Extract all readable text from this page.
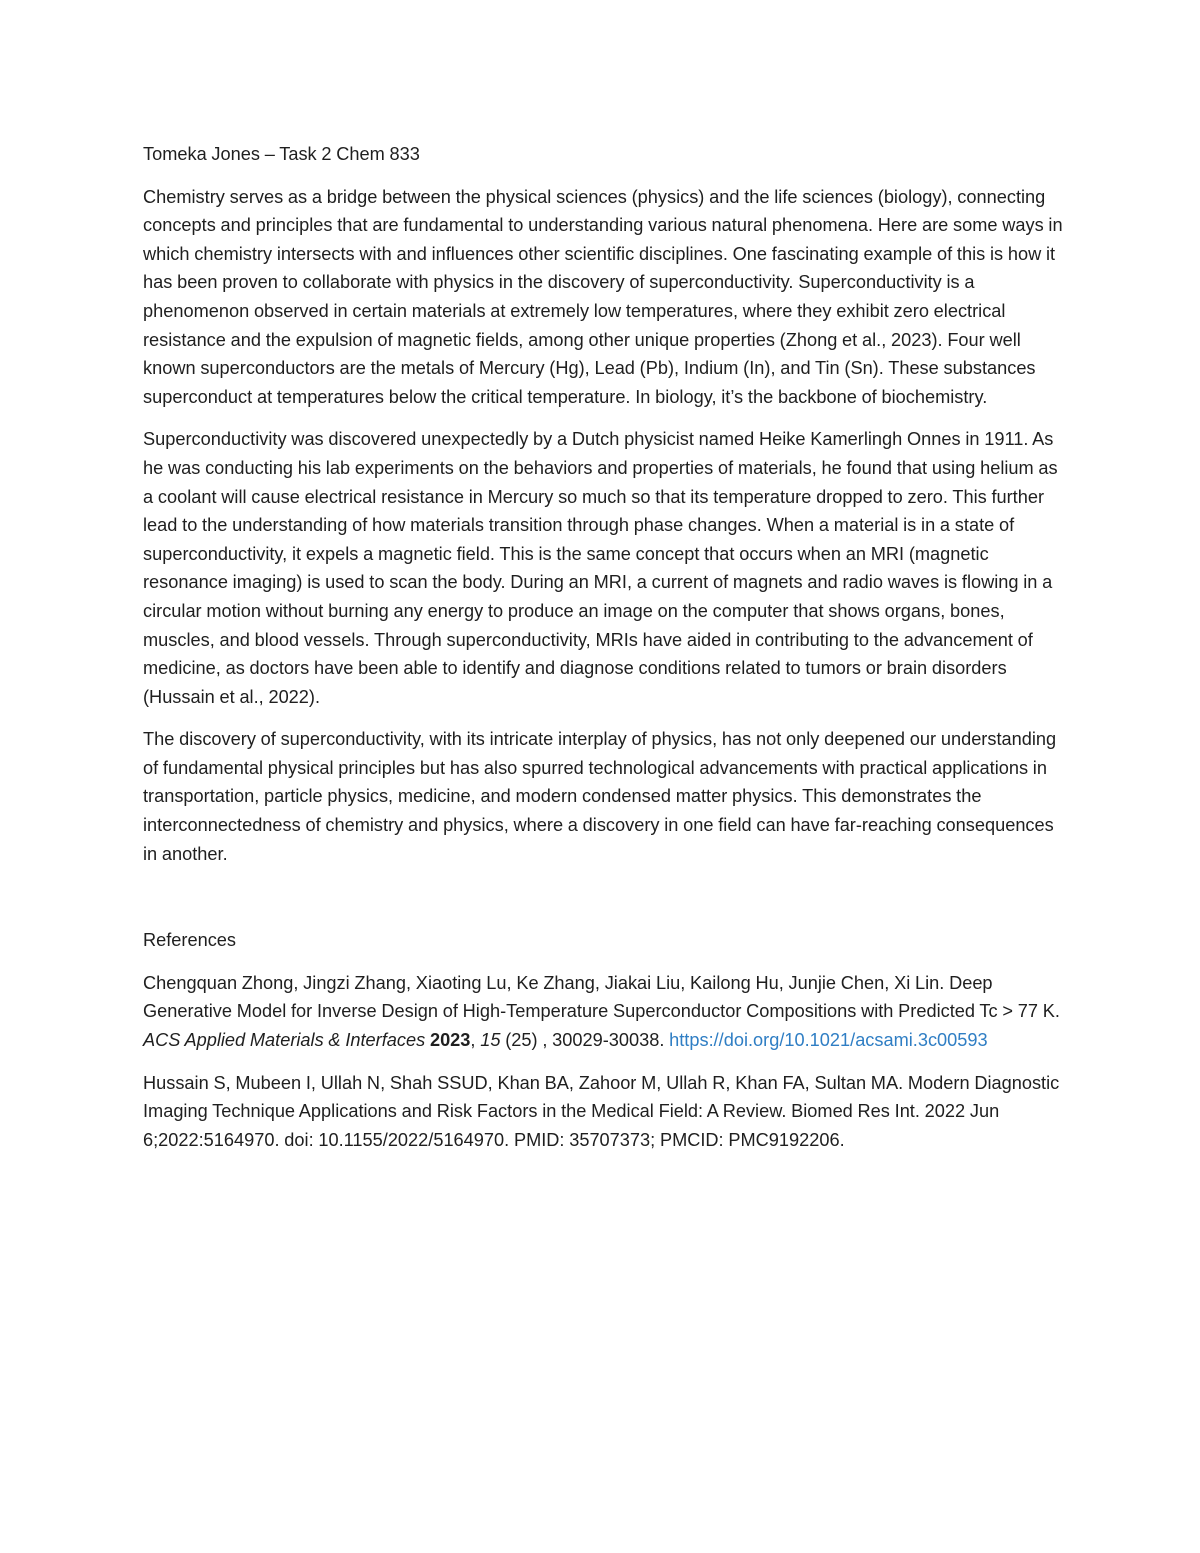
Tomeka Jones – Task 2 Chem 833

Chemistry serves as a bridge between the physical sciences (physics) and the life sciences (biology), connecting concepts and principles that are fundamental to understanding various natural phenomena. Here are some ways in which chemistry intersects with and influences other scientific disciplines. One fascinating example of this is how it has been proven to collaborate with physics in the discovery of superconductivity. Superconductivity is a phenomenon observed in certain materials at extremely low temperatures, where they exhibit zero electrical resistance and the expulsion of magnetic fields, among other unique properties (Zhong et al., 2023). Four well known superconductors are the metals of Mercury (Hg), Lead (Pb), Indium (In), and Tin (Sn). These substances superconduct at temperatures below the critical temperature. In biology, it’s the backbone of biochemistry.

Superconductivity was discovered unexpectedly by a Dutch physicist named Heike Kamerlingh Onnes in 1911. As he was conducting his lab experiments on the behaviors and properties of materials, he found that using helium as a coolant will cause electrical resistance in Mercury so much so that its temperature dropped to zero. This further lead to the understanding of how materials transition through phase changes. When a material is in a state of superconductivity, it expels a magnetic field. This is the same concept that occurs when an MRI (magnetic resonance imaging) is used to scan the body. During an MRI, a current of magnets and radio waves is flowing in a circular motion without burning any energy to produce an image on the computer that shows organs, bones, muscles, and blood vessels. Through superconductivity, MRIs have aided in contributing to the advancement of medicine, as doctors have been able to identify and diagnose conditions related to tumors or brain disorders (Hussain et al., 2022).

The discovery of superconductivity, with its intricate interplay of physics, has not only deepened our understanding of fundamental physical principles but has also spurred technological advancements with practical applications in transportation, particle physics, medicine, and modern condensed matter physics. This demonstrates the interconnectedness of chemistry and physics, where a discovery in one field can have far-reaching consequences in another.

References

Chengquan Zhong, Jingzi Zhang, Xiaoting Lu, Ke Zhang, Jiakai Liu, Kailong Hu, Junjie Chen, Xi Lin. Deep Generative Model for Inverse Design of High-Temperature Superconductor Compositions with Predicted Tc > 77 K. ACS Applied Materials & Interfaces 2023, 15 (25) , 30029-30038. https://doi.org/10.1021/acsami.3c00593

Hussain S, Mubeen I, Ullah N, Shah SSUD, Khan BA, Zahoor M, Ullah R, Khan FA, Sultan MA. Modern Diagnostic Imaging Technique Applications and Risk Factors in the Medical Field: A Review. Biomed Res Int. 2022 Jun 6;2022:5164970. doi: 10.1155/2022/5164970. PMID: 35707373; PMCID: PMC9192206.
